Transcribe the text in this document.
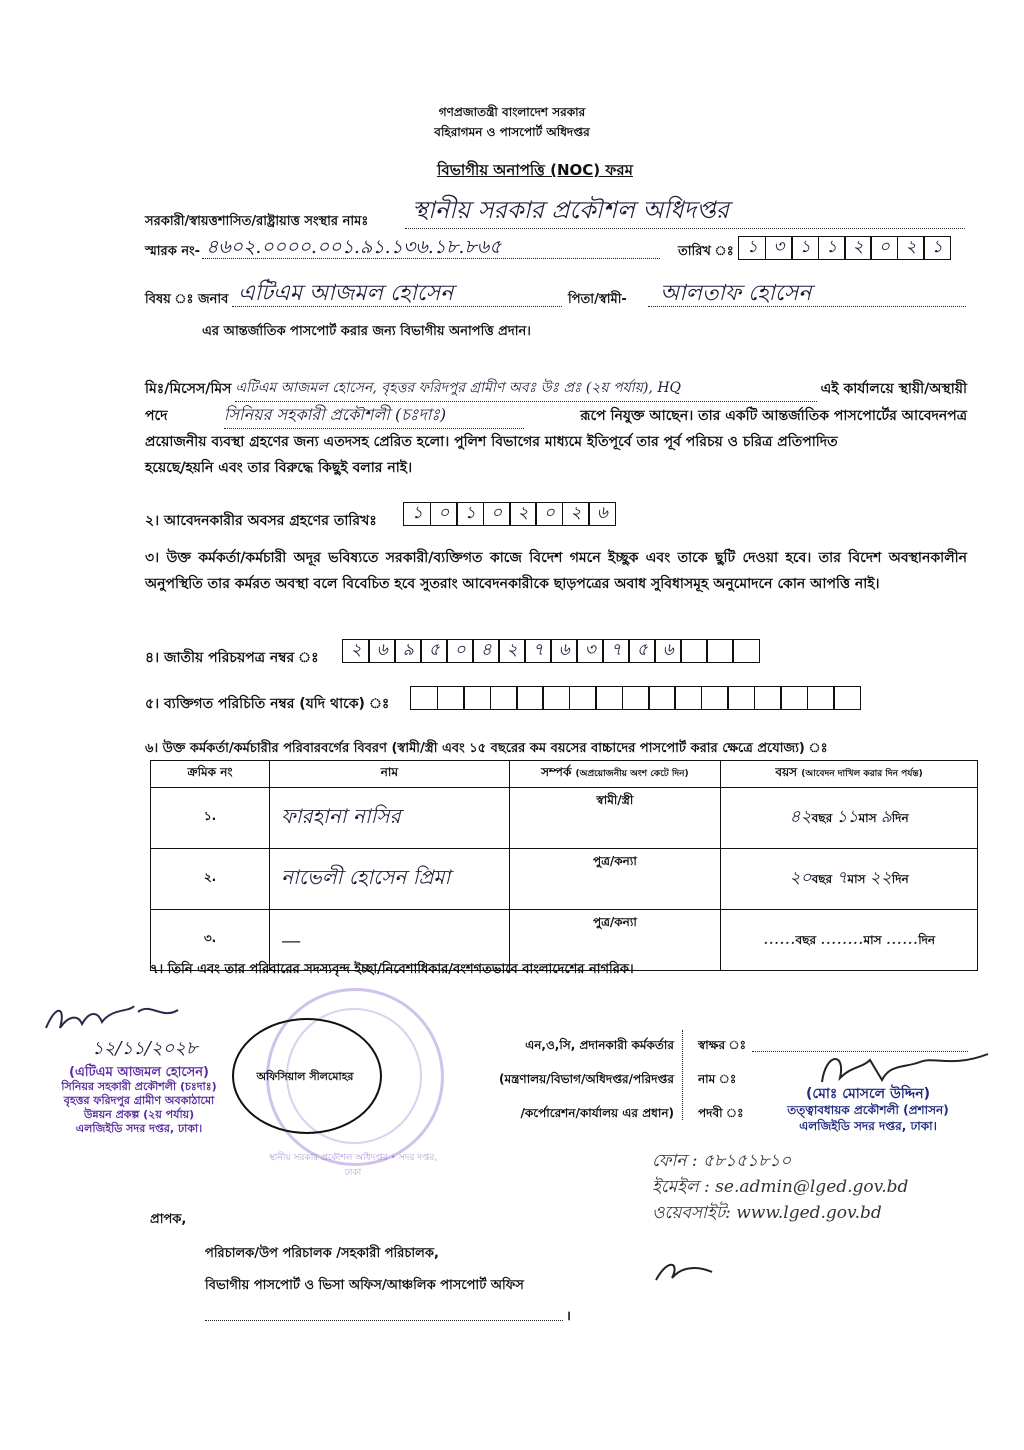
গণপ্রজাতন্ত্রী বাংলাদেশ সরকার
বহিরাগমন ও পাসপোর্ট অধিদপ্তর
বিভাগীয় অনাপত্তি (NOC) ফরম
সরকারী/স্বায়ত্তশাসিত/রাষ্ট্রায়াত্ত সংস্থার নামঃ স্থানীয় সরকার প্রকৌশল অধিদপ্তর
স্মারক নং- ৪৬০২.০০০০.০০১.৯১.১৩৬.১৮.৮৬৫	তারিখ ঃ ১ ৩ ১ ১ ২ ০ ২ ১
বিষয় ঃ জনাব এটিএম আজমল হোসেন	পিতা/স্বামী- আলতাফ হোসেন
এর আন্তর্জাতিক পাসপোর্ট করার জন্য বিভাগীয় অনাপত্তি প্রদান।
মিঃ/মিসেস/মিস এটিএম আজমল হোসেন, বৃহত্তর ফরিদপুর গ্রামীণ অবঃ উঃ প্রঃ (২য় পর্যায়), HQ	এই কার্যালয়ে স্থায়ী/অস্থায়ী
পদে	সিনিয়র সহকারী প্রকৌশলী (চঃদাঃ)	রূপে নিযুক্ত আছেন। তার একটি আন্তর্জাতিক পাসপোর্টের আবেদনপত্র
প্রয়োজনীয় ব্যবস্থা গ্রহণের জন্য এতদসহ প্রেরিত হলো। পুলিশ বিভাগের মাধ্যমে ইতিপূর্বে তার পূর্ব পরিচয় ও চরিত্র প্রতিপাদিত
হয়েছে/হয়নি এবং তার বিরুদ্ধে কিছুই বলার নাই।
২। আবেদনকারীর অবসর গ্রহণের তারিখঃ	১ ০ ১ ০ ২ ০ ২ ৬
৩। উক্ত কর্মকর্তা/কর্মচারী অদূর ভবিষ্যতে সরকারী/ব্যক্তিগত কাজে বিদেশ গমনে ইচ্ছুক এবং তাকে ছুটি দেওয়া হবে। তার বিদেশ অবস্থানকালীন অনুপস্থিতি তার কর্মরত অবস্থা বলে বিবেচিত হবে সুতরাং আবেদনকারীকে ছাড়পত্রের অবাধ সুবিধাসমূহ অনুমোদনে কোন আপত্তি নাই।
৪। জাতীয় পরিচয়পত্র নম্বর ঃ	২ ৬ ৯ ৫ ০ ৪ ২ ৭ ৬ ৩ ৭ ৫ ৬
৫। ব্যক্তিগত পরিচিতি নম্বর (যদি থাকে) ঃ
৬। উক্ত কর্মকর্তা/কর্মচারীর পরিবারবর্গের বিবরণ (স্বামী/স্ত্রী এবং ১৫ বছরের কম বয়সের বাচ্চাদের পাসপোর্ট করার ক্ষেত্রে প্রযোজ্য) ঃ
ক্রমিক নং	নাম	সম্পর্ক (অপ্রয়োজনীয় অংশ কেটে দিন)	বয়স (আবেদন দাখিল করার দিন পর্যন্ত)
১.	ফারহানা নাসির	স্বামী/স্ত্রী	৪২বছর ১১মাস ৯দিন
২.	নাভেলী হোসেন প্রিমা	পুত্র/কন্যা	২০বছর ৭মাস ২২দিন
৩.	—	পুত্র/কন্যা	......বছর ........মাস ......দিন
৭। তিনি এবং তার পরিবারের সদস্যবৃন্দ ইচ্ছা/নিবেশাধিকার/বংশগতভাবে বাংলাদেশের নাগরিক।
১২/১১/২০২৮
(এটিএম আজমল হোসেন)
সিনিয়র সহকারী প্রকৌশলী (চঃদাঃ)
বৃহত্তর ফরিদপুর গ্রামীণ অবকাঠামো
উন্নয়ন প্রকল্প (২য় পর্যায়)
এলজিইডি সদর দপ্তর, ঢাকা।
স্থানীয় সরকার প্রকৌশল অধিদপ্তর • সদর দপ্তর, ঢাকা
অফিসিয়াল সীলমোহর
এন,ও,সি, প্রদানকারী কর্মকর্তার
(মন্ত্রণালয়/বিভাগ/অধিদপ্তর/পরিদপ্তর
/কর্পোরেশন/কার্যালয় এর প্রধান)
স্বাক্ষর ঃ
নাম ঃ
পদবী ঃ
(মোঃ মোসলে উদ্দিন)
তত্ত্বাবধায়ক প্রকৌশলী (প্রশাসন)
এলজিইডি সদর দপ্তর, ঢাকা।
ফোন : ৫৮১৫১৮১০
ইমেইল : se.admin@lged.gov.bd
ওয়েবসাইট: www.lged.gov.bd
প্রাপক,
পরিচালক/উপ পরিচালক /সহকারী পরিচালক,
বিভাগীয় পাসপোর্ট ও ভিসা অফিস/আঞ্চলিক পাসপোর্ট অফিস
।
